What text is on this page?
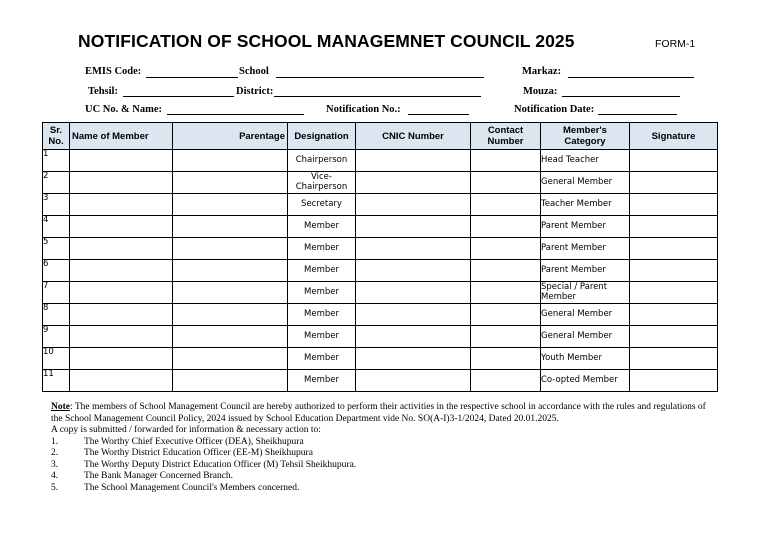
NOTIFICATION OF SCHOOL MANAGEMNET COUNCIL 2025	FORM-1
EMIS Code:	School	Markaz:
Tehsil:	District:	Mouza:
UC No. & Name:	Notification No.:	Notification Date:
Sr. No.	Name of Member	Parentage	Designation	CNIC Number	Contact Number	Member's Category	Signature
1			Chairperson			Head Teacher	
2			Vice-Chairperson			General Member	
3			Secretary			Teacher Member	
4			Member			Parent Member	
5			Member			Parent Member	
6			Member			Parent Member	
7			Member			Special / Parent Member	
8			Member			General Member	
9			Member			General Member	
10			Member			Youth Member	
11			Member			Co-opted Member	

Note: The members of School Management Council are hereby authorized to perform their activities in the respective school in accordance with the rules and regulations of the School Management Council Policy, 2024 issued by School Education Department vide No. SO(A-I)3-1/2024, Dated 20.01.2025.

A copy is submitted / forwarded for information & necessary action to:

1.	The Worthy Chief Executive Officer (DEA), Sheikhupura
2.	The Worthy District Education Officer (EE-M) Sheikhupura
3.	The Worthy Deputy District Education Officer (M) Tehsil Sheikhupura.
4.	The Bank Manager Concerned Branch.
5.	The School Management Council's Members concerned.
